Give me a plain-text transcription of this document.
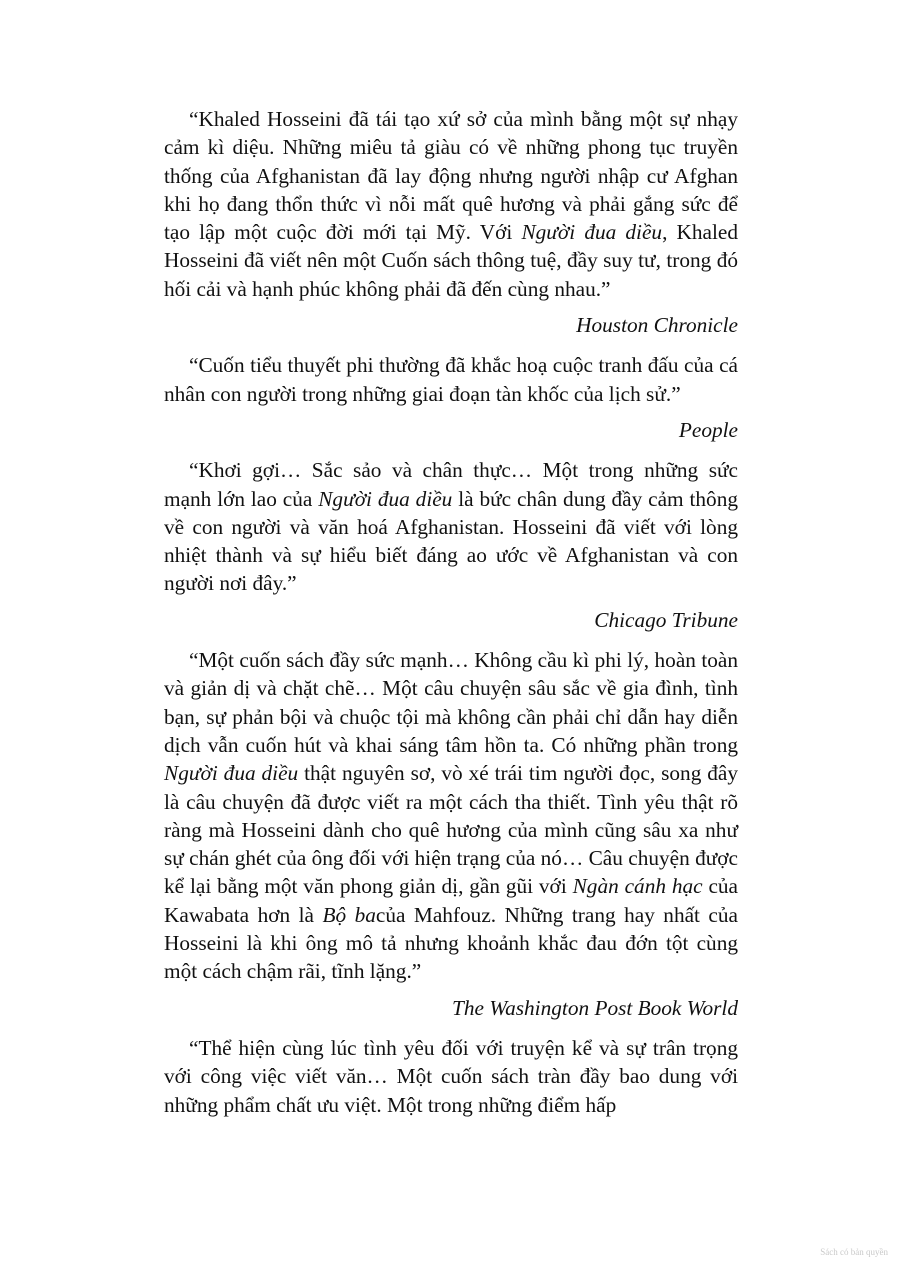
“Khaled Hosseini đã tái tạo xứ sở của mình bằng một sự nhạy cảm kì diệu. Những miêu tả giàu có về những phong tục truyền thống của Afghanistan đã lay động nhưng người nhập cư Afghan khi họ đang thổn thức vì nỗi mất quê hương và phải gắng sức để tạo lập một cuộc đời mới tại Mỹ. Với Người đua diều, Khaled Hosseini đã viết nên một Cuốn sách thông tuệ, đầy suy tư, trong đó hối cải và hạnh phúc không phải đã đến cùng nhau.”

Houston Chronicle

“Cuốn tiểu thuyết phi thường đã khắc hoạ cuộc tranh đấu của cá nhân con người trong những giai đoạn tàn khốc của lịch sử.”

People

“Khơi gợi… Sắc sảo và chân thực… Một trong những sức mạnh lớn lao của Người đua diều là bức chân dung đầy cảm thông về con người và văn hoá Afghanistan. Hosseini đã viết với lòng nhiệt thành và sự hiểu biết đáng ao ước về Afghanistan và con người nơi đây.”

Chicago Tribune

“Một cuốn sách đầy sức mạnh… Không cầu kì phi lý, hoàn toàn và giản dị và chặt chẽ… Một câu chuyện sâu sắc về gia đình, tình bạn, sự phản bội và chuộc tội mà không cần phải chỉ dẫn hay diễn dịch vẫn cuốn hút và khai sáng tâm hồn ta. Có những phần trong Người đua diều thật nguyên sơ, vò xé trái tim người đọc, song đây là câu chuyện đã được viết ra một cách tha thiết. Tình yêu thật rõ ràng mà Hosseini dành cho quê hương của mình cũng sâu xa như sự chán ghét của ông đối với hiện trạng của nó… Câu chuyện được kể lại bằng một văn phong giản dị, gần gũi với Ngàn cánh hạc của Kawabata hơn là Bộ bacủa Mahfouz. Những trang hay nhất của Hosseini là khi ông mô tả nhưng khoảnh khắc đau đớn tột cùng một cách chậm rãi, tĩnh lặng.”

The Washington Post Book World

“Thể hiện cùng lúc tình yêu đối với truyện kể và sự trân trọng với công việc viết văn… Một cuốn sách tràn đầy bao dung với những phẩm chất ưu việt. Một trong những điểm hấp

Sách có bản quyền
